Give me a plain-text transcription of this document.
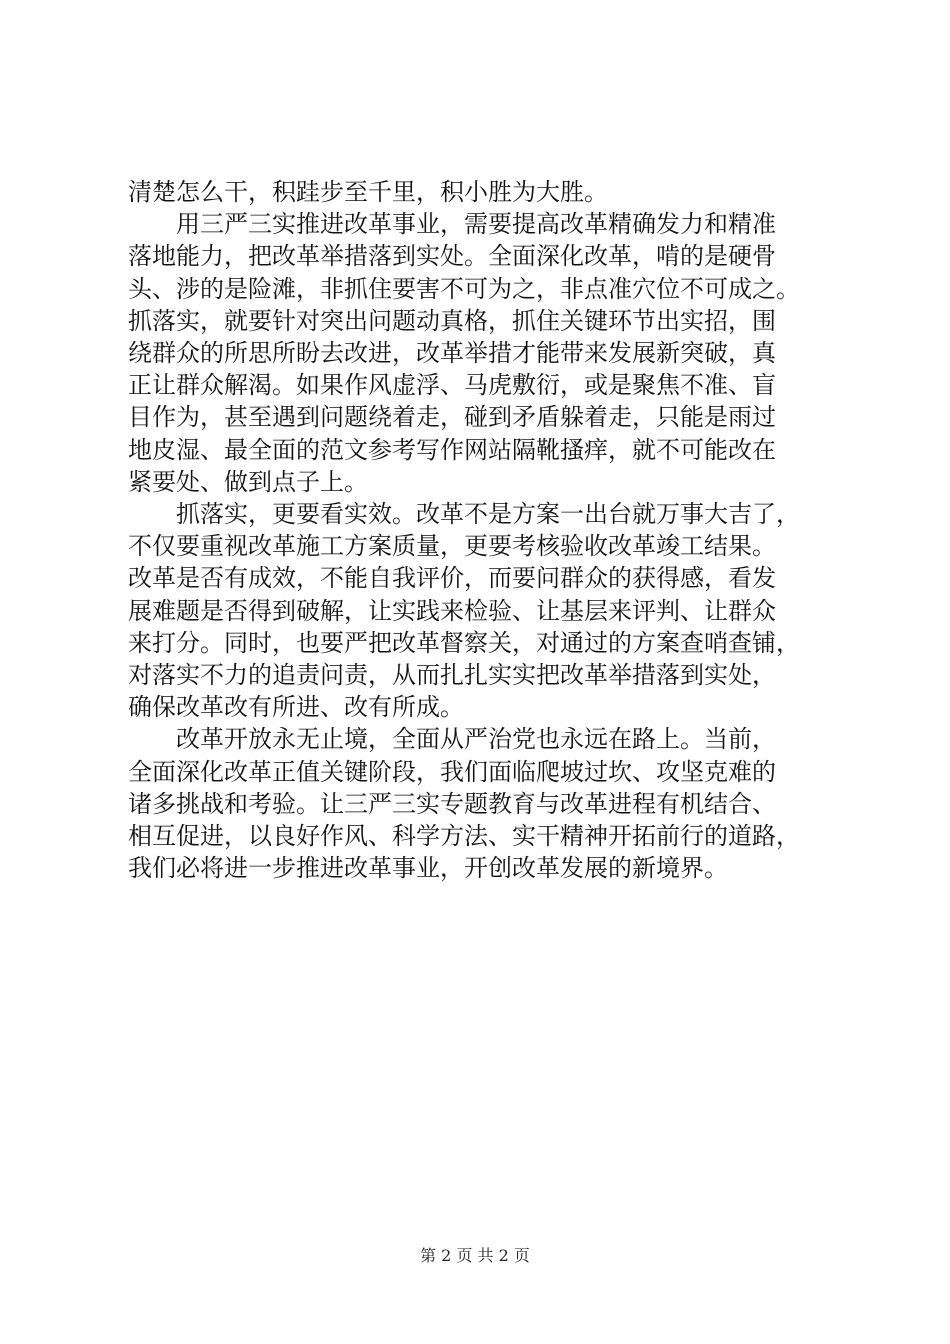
清楚怎么干，积跬步至千里，积小胜为大胜。
用三严三实推进改革事业，需要提高改革精确发力和精准
落地能力，把改革举措落到实处。全面深化改革，啃的是硬骨
头、涉的是险滩，非抓住要害不可为之，非点准穴位不可成之。
抓落实，就要针对突出问题动真格，抓住关键环节出实招，围
绕群众的所思所盼去改进，改革举措才能带来发展新突破，真
正让群众解渴。如果作风虚浮、马虎敷衍，或是聚焦不准、盲
目作为，甚至遇到问题绕着走，碰到矛盾躲着走，只能是雨过
地皮湿、最全面的范文参考写作网站隔靴搔痒，就不可能改在
紧要处、做到点子上。
抓落实，更要看实效。改革不是方案一出台就万事大吉了，
不仅要重视改革施工方案质量，更要考核验收改革竣工结果。
改革是否有成效，不能自我评价，而要问群众的获得感，看发
展难题是否得到破解，让实践来检验、让基层来评判、让群众
来打分。同时，也要严把改革督察关，对通过的方案查哨查铺，
对落实不力的追责问责，从而扎扎实实把改革举措落到实处，
确保改革改有所进、改有所成。
改革开放永无止境，全面从严治党也永远在路上。当前，
全面深化改革正值关键阶段，我们面临爬坡过坎、攻坚克难的
诸多挑战和考验。让三严三实专题教育与改革进程有机结合、
相互促进，以良好作风、科学方法、实干精神开拓前行的道路，
我们必将进一步推进改革事业，开创改革发展的新境界。
第 2 页 共 2 页
